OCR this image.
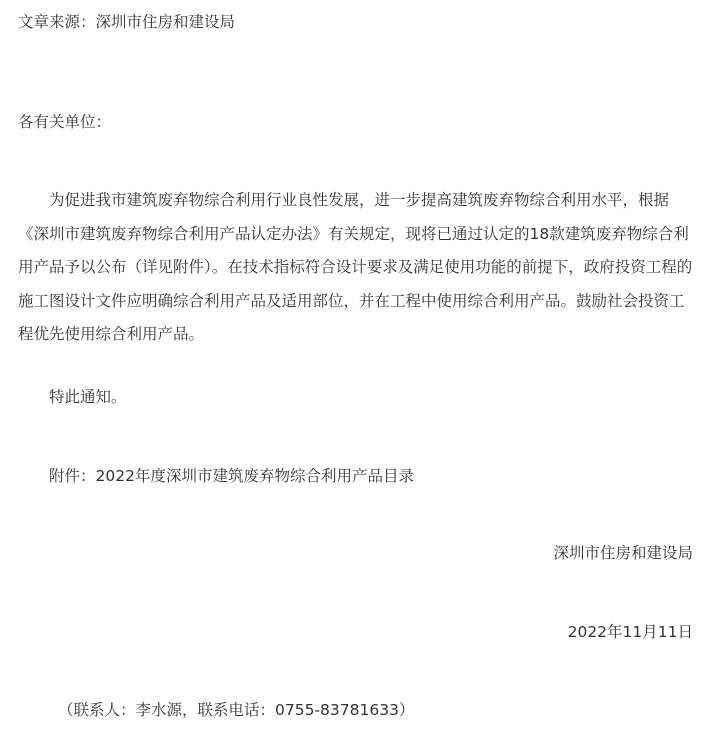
文章来源：深圳市住房和建设局

各有关单位：

为促进我市建筑废弃物综合利用行业良性发展，进一步提高建筑废弃物综合利用水平，根据《深圳市建筑废弃物综合利用产品认定办法》有关规定，现将已通过认定的18款建筑废弃物综合利用产品予以公布（详见附件）。在技术指标符合设计要求及满足使用功能的前提下，政府投资工程的施工图设计文件应明确综合利用产品及适用部位，并在工程中使用综合利用产品。鼓励社会投资工程优先使用综合利用产品。

特此通知。

附件：2022年度深圳市建筑废弃物综合利用产品目录

深圳市住房和建设局

2022年11月11日

（联系人：李水源，联系电话：0755-83781633）
